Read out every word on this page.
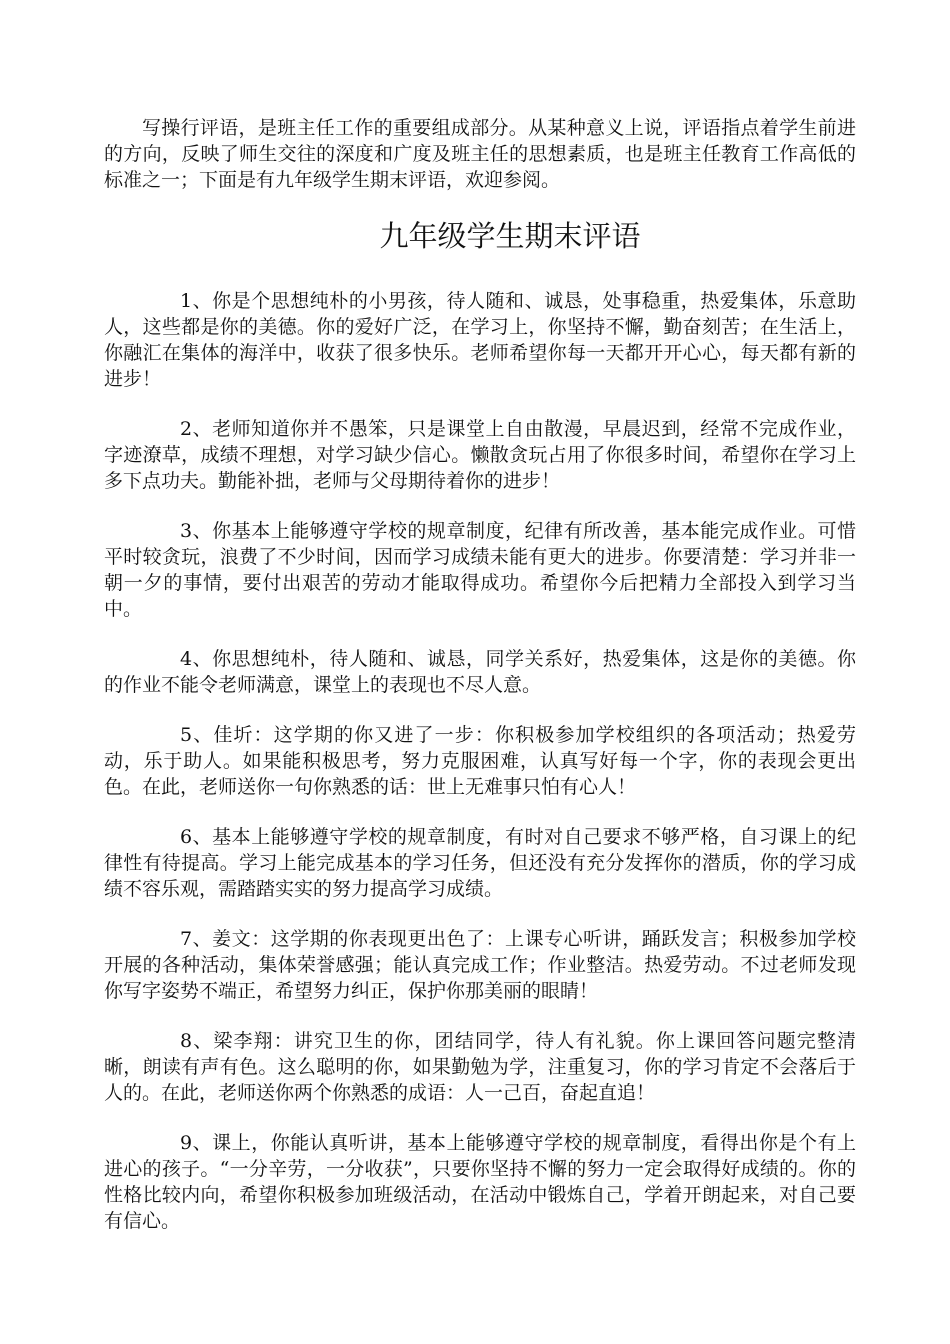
写操行评语，是班主任工作的重要组成部分。从某种意义上说，评语指点着学生前进的方向，反映了师生交往的深度和广度及班主任的思想素质，也是班主任教育工作高低的标准之一；下面是有九年级学生期末评语，欢迎参阅。

九年级学生期末评语

1、你是个思想纯朴的小男孩，待人随和、诚恳，处事稳重，热爱集体，乐意助人，这些都是你的美德。你的爱好广泛，在学习上，你坚持不懈，勤奋刻苦；在生活上，你融汇在集体的海洋中，收获了很多快乐。老师希望你每一天都开开心心，每天都有新的进步！

2、老师知道你并不愚笨，只是课堂上自由散漫，早晨迟到，经常不完成作业，字迹潦草，成绩不理想，对学习缺少信心。懒散贪玩占用了你很多时间，希望你在学习上多下点功夫。勤能补拙，老师与父母期待着你的进步！

3、你基本上能够遵守学校的规章制度，纪律有所改善，基本能完成作业。可惜平时较贪玩，浪费了不少时间，因而学习成绩未能有更大的进步。你要清楚：学习并非一朝一夕的事情，要付出艰苦的劳动才能取得成功。希望你今后把精力全部投入到学习当中。

4、你思想纯朴，待人随和、诚恳，同学关系好，热爱集体，这是你的美德。你的作业不能令老师满意，课堂上的表现也不尽人意。

5、佳圻：这学期的你又进了一步：你积极参加学校组织的各项活动；热爱劳动，乐于助人。如果能积极思考，努力克服困难，认真写好每一个字，你的表现会更出色。在此，老师送你一句你熟悉的话：世上无难事只怕有心人！

6、基本上能够遵守学校的规章制度，有时对自己要求不够严格，自习课上的纪律性有待提高。学习上能完成基本的学习任务，但还没有充分发挥你的潜质，你的学习成绩不容乐观，需踏踏实实的努力提高学习成绩。

7、姜文：这学期的你表现更出色了：上课专心听讲，踊跃发言；积极参加学校开展的各种活动，集体荣誉感强；能认真完成工作；作业整洁。热爱劳动。不过老师发现你写字姿势不端正，希望努力纠正，保护你那美丽的眼睛！

8、梁李翔：讲究卫生的你，团结同学，待人有礼貌。你上课回答问题完整清晰，朗读有声有色。这么聪明的你，如果勤勉为学，注重复习，你的学习肯定不会落后于人的。在此，老师送你两个你熟悉的成语：人一己百，奋起直追！

9、课上，你能认真听讲，基本上能够遵守学校的规章制度，看得出你是个有上进心的孩子。“一分辛劳，一分收获”，只要你坚持不懈的努力一定会取得好成绩的。你的性格比较内向，希望你积极参加班级活动，在活动中锻炼自己，学着开朗起来，对自己要有信心。
